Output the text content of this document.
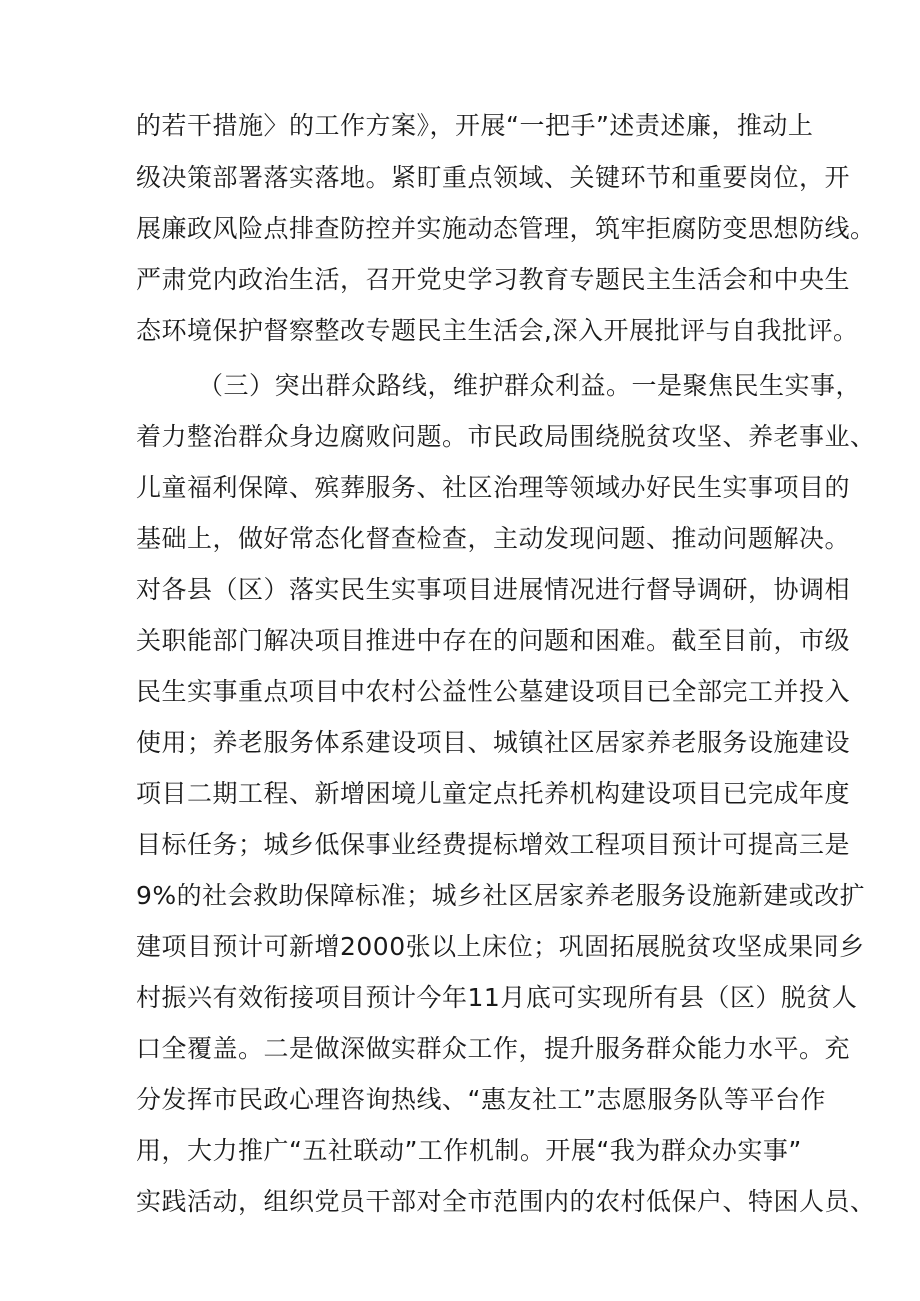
的若干措施〉的工作方案》，开展“一把手”述责述廉，推动上
级决策部署落实落地。紧盯重点领域、关键环节和重要岗位，开
展廉政风险点排查防控并实施动态管理，筑牢拒腐防变思想防线。
严肃党内政治生活，召开党史学习教育专题民主生活会和中央生
态环境保护督察整改专题民主生活会,深入开展批评与自我批评。
（三）突出群众路线，维护群众利益。一是聚焦民生实事，
着力整治群众身边腐败问题。市民政局围绕脱贫攻坚、养老事业、
儿童福利保障、殡葬服务、社区治理等领域办好民生实事项目的
基础上，做好常态化督查检查，主动发现问题、推动问题解决。
对各县（区）落实民生实事项目进展情况进行督导调研，协调相
关职能部门解决项目推进中存在的问题和困难。截至目前，市级
民生实事重点项目中农村公益性公墓建设项目已全部完工并投入
使用；养老服务体系建设项目、城镇社区居家养老服务设施建设
项目二期工程、新增困境儿童定点托养机构建设项目已完成年度
目标任务；城乡低保事业经费提标增效工程项目预计可提高三是
9%的社会救助保障标准；城乡社区居家养老服务设施新建或改扩
建项目预计可新增2000张以上床位；巩固拓展脱贫攻坚成果同乡
村振兴有效衔接项目预计今年11月底可实现所有县（区）脱贫人
口全覆盖。二是做深做实群众工作，提升服务群众能力水平。充
分发挥市民政心理咨询热线、“惠友社工”志愿服务队等平台作
用，大力推广“五社联动”工作机制。开展“我为群众办实事”
实践活动，组织党员干部对全市范围内的农村低保户、特困人员、
